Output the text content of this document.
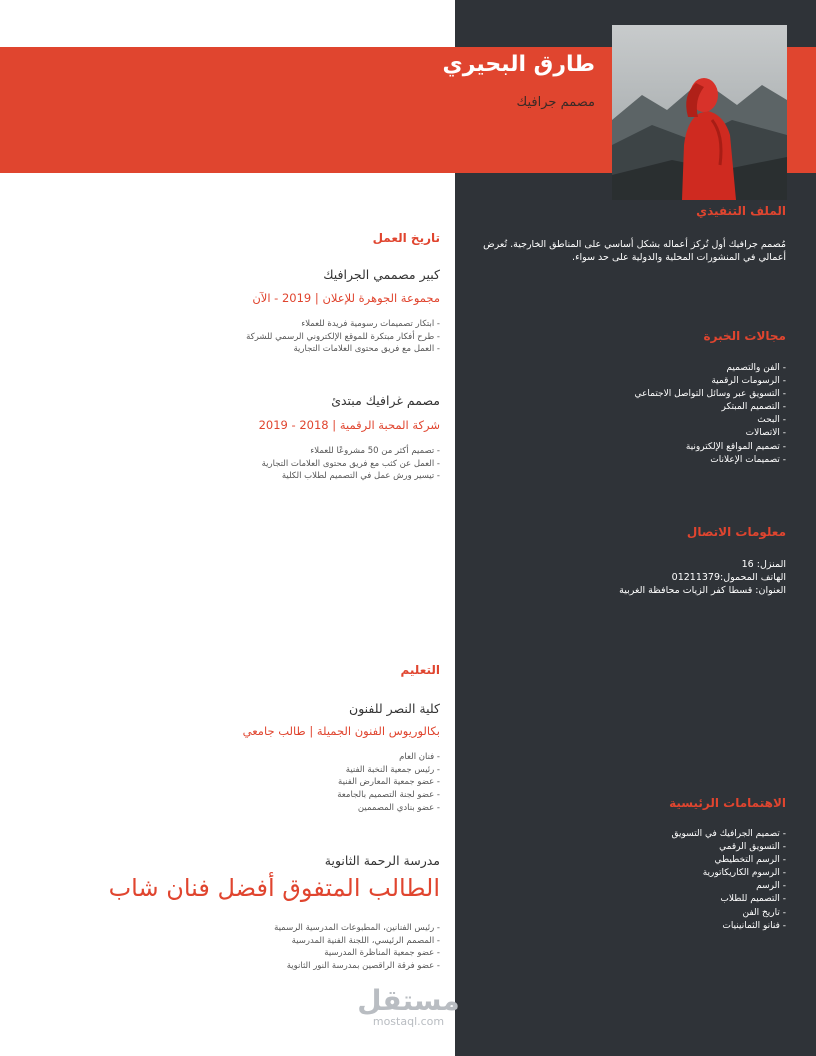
طارق البحيري
مصمم جرافيك
الملف التنفيذي
مُصمم جرافيك أول تُركز أعماله بشكل أساسي على المناطق الخارجية. تُعرض أعمالي في المنشورات المحلية والدولية على حد سواء.
مجالات الخبرة
- الفن والتصميم
- الرسومات الرقمية
- التسويق عبر وسائل التواصل الاجتماعي
- التصميم المبتكر
- البحث
- الاتصالات
- تصميم المواقع الإلكترونية
- تصميمات الإعلانات
معلومات الاتصال
المنزل: 16
الهاتف المحمول:01211379
العنوان: قسطا كفر الزيات محافظة الغربية
الاهتمامات الرئيسية
- تصميم الجرافيك في التسويق
- التسويق الرقمي
- الرسم التخطيطي
- الرسوم الكاريكاتورية
- الرسم
- التصميم للطلاب
- تاريخ الفن
- فنانو الثمانينيات
تاريخ العمل
كبير مصممي الجرافيك
مجموعة الجوهرة للإعلان | 2019 - الآن
- ابتكار تصميمات رسومية فريدة للعملاء
- طرح أفكار مبتكرة للموقع الإلكتروني الرسمي للشركة
- العمل مع فريق محتوى العلامات التجارية
مصمم غرافيك مبتدئ
شركة المحبة الرقمية | 2018 - 2019
- تصميم أكثر من 50 مشروعًا للعملاء
- العمل عن كثب مع فريق محتوى العلامات التجارية
- تيسير ورش عمل في التصميم لطلاب الكلية
التعليم
كلية النصر للفنون
بكالوريوس الفنون الجميلة | طالب جامعي
- فنان العام
- رئيس جمعية النخبة الفنية
- عضو جمعية المعارض الفنية
- عضو لجنة التصميم بالجامعة
- عضو بنادي المصممين
مدرسة الرحمة الثانوية
الطالب المتفوق أفضل فنان شاب
- رئيس الفنانين، المطبوعات المدرسية الرسمية
- المصمم الرئيسي، اللجنة الفنية المدرسية
- عضو جمعية المناظرة المدرسية
- عضو فرقة الراقصين بمدرسة النور الثانوية
مستقل
mostaql.com
